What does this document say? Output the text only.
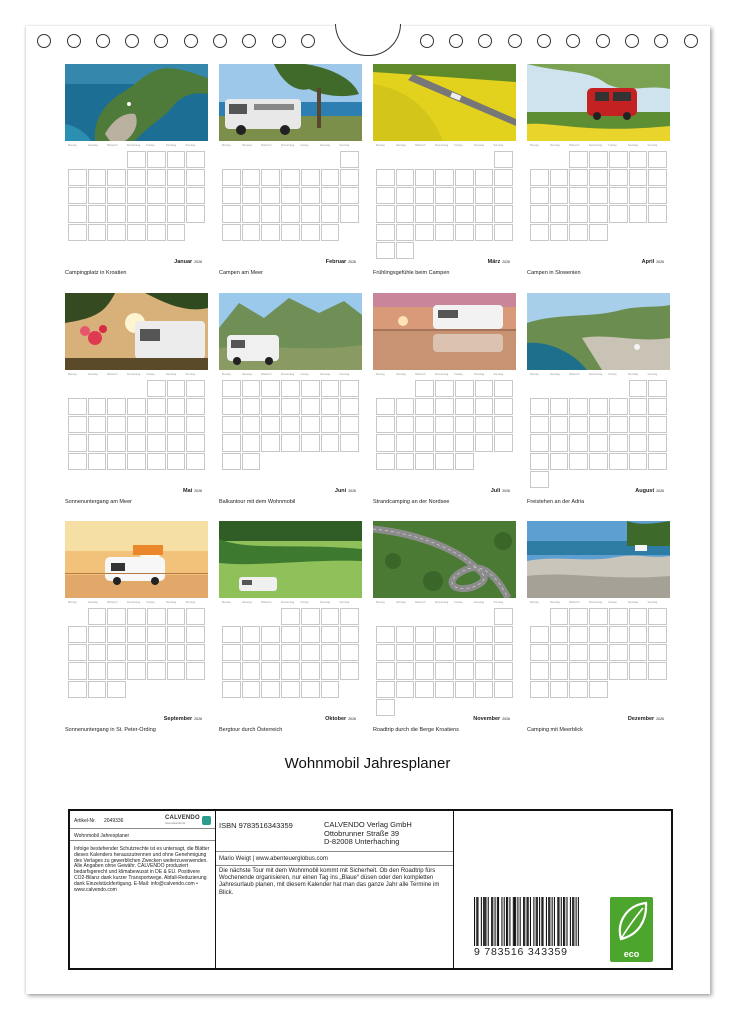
Montag	Dienstag	Mittwoch	Donnerstag	Freitag	Samstag	Sonntag
Januar 2026
Campingplatz in Kroatien
Montag	Dienstag	Mittwoch	Donnerstag	Freitag	Samstag	Sonntag
Februar 2026
Campen am Meer
Montag	Dienstag	Mittwoch	Donnerstag	Freitag	Samstag	Sonntag
März 2026
Frühlingsgefühle beim Campen
Montag	Dienstag	Mittwoch	Donnerstag	Freitag	Samstag	Sonntag
April 2026
Campen in Slowenien
Montag	Dienstag	Mittwoch	Donnerstag	Freitag	Samstag	Sonntag
Mai 2026
Sonnenuntergang am Meer
Montag	Dienstag	Mittwoch	Donnerstag	Freitag	Samstag	Sonntag
Juni 2026
Balkantour mit dem Wohnmobil
Montag	Dienstag	Mittwoch	Donnerstag	Freitag	Samstag	Sonntag
Juli 2026
Strandcamping an der Nordsee
Montag	Dienstag	Mittwoch	Donnerstag	Freitag	Samstag	Sonntag
August 2026
Freistehen an der Adria
Montag	Dienstag	Mittwoch	Donnerstag	Freitag	Samstag	Sonntag
September 2026
Sonnenuntergang in St. Peter-Ording
Montag	Dienstag	Mittwoch	Donnerstag	Freitag	Samstag	Sonntag
Oktober 2026
Bergtour durch Österreich
Montag	Dienstag	Mittwoch	Donnerstag	Freitag	Samstag	Sonntag
November 2026
Roadtrip durch die Berge Kroatiens
Montag	Dienstag	Mittwoch	Donnerstag	Freitag	Samstag	Sonntag
Dezember 2026
Camping mit Meerblick
Wohnmobil Jahresplaner
Artikel-Nr. 2049336	CALVENDO
www.calvendo.de
Wohnmobil Jahresplaner
Infolge bestehender Schutzrechte ist es untersagt, die Blätter dieses Kalenders herauszutrennen und ohne Genehmigung des Verlages zu gewerblichen Zwecken weiterzuverwenden. Alle Angaben ohne Gewähr. CALVENDO produziert bedarfsgerecht und klimabewusst in DE & EU. Positivere CO2-Bilanz dank kurzer Transportwege. Abfall-Reduzierung dank Einzelstückfertigung. E-Mail: info@calvendo.com • www.calvendo.com
ISBN 9783516343359	CALVENDO Verlag GmbH
Ottobrunner Straße 39
D-82008 Unterhaching
Mario Weigt | www.abenteuerglobus.com
Die nächste Tour mit dem Wohnmobil kommt mit Sicherheit. Ob den Roadtrip fürs Wochenende organisieren, nur einen Tag ins „Blaue“ düsen oder den kompletten Jahresurlaub planen, mit diesem Kalender hat man das ganze Jahr alle Termine im Blick.
9 783516 343359	eco
